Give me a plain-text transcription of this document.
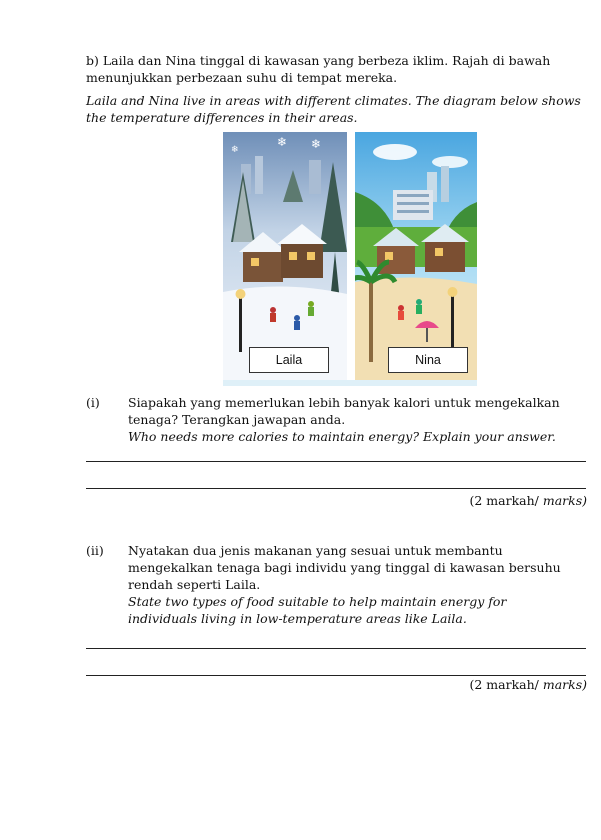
b) Laila dan Nina tinggal di kawasan yang berbeza iklim. Rajah di bawah menunjukkan perbezaan suhu di tempat mereka.
Laila and Nina live in areas with different climates. The diagram below shows the temperature differences in their areas.
❄ ❄
❄
Laila	Nina
(i) Siapakah yang memerlukan lebih banyak kalori untuk mengekalkan tenaga? Terangkan jawapan anda.
Who needs more calories to maintain energy? Explain your answer.
(2 markah/ marks)
(ii) Nyatakan dua jenis makanan yang sesuai untuk membantu mengekalkan tenaga bagi individu yang tinggal di kawasan bersuhu rendah seperti Laila.
State two types of food suitable to help maintain energy for individuals living in low-temperature areas like Laila.
(2 markah/ marks)
